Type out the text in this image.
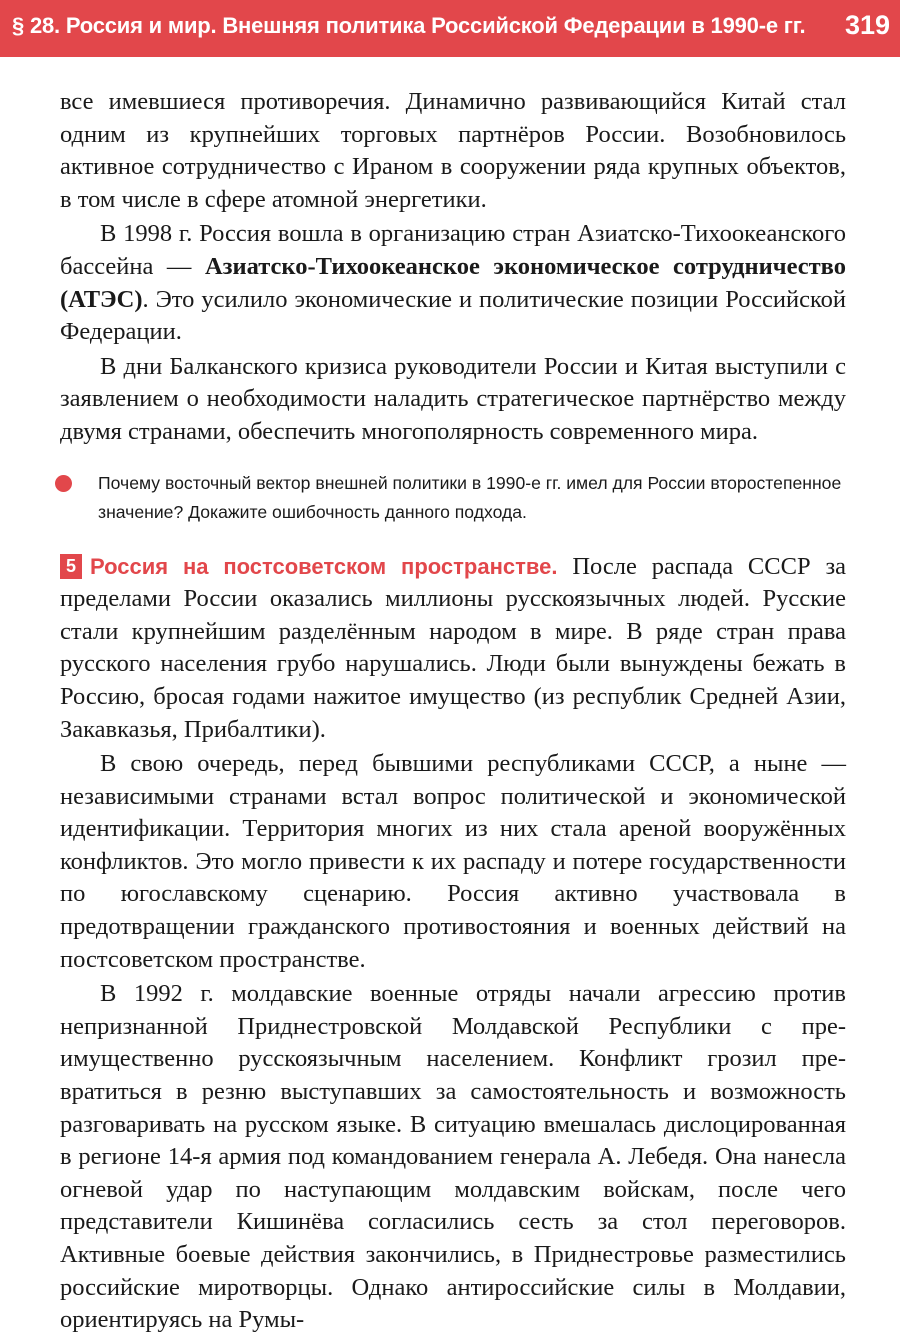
§ 28. Россия и мир. Внешняя политика Российской Федерации в 1990-е гг. 319

все имевшиеся противоречия. Динамично развивающийся Китай стал одним из крупнейших торговых партнёров России. Возобновилось активное сотрудничество с Ираном в сооружении ряда крупных объектов, в том числе в сфере атомной энергетики.

В 1998 г. Россия вошла в организацию стран Азиатско-Тихоокеанского бассейна — Азиатско-Тихоокеанское экономическое сотрудничество (АТЭС). Это усилило экономические и политические позиции Российской Федерации.

В дни Балканского кризиса руководители России и Китая выступили с заявлением о необходимости наладить стратегическое партнёрство между двумя странами, обеспечить многополярность современного мира.

Почему восточный вектор внешней политики в 1990-е гг. имел для России второстепенное значение? Докажите ошибочность данного подхода.

5 Россия на постсоветском пространстве. После распада СССР за пределами России оказались миллионы русскоязычных людей. Русские стали крупнейшим разделённым народом в мире. В ряде стран права русского населения грубо нарушались. Люди были вынуждены бежать в Россию, бросая годами нажитое имущество (из республик Средней Азии, Закавказья, Прибалтики).

В свою очередь, перед бывшими республиками СССР, а ныне — независимыми странами встал вопрос политической и экономической идентификации. Территория многих из них стала ареной вооружённых конфликтов. Это могло привести к их распаду и потере государственности по югославскому сценарию. Россия активно участвовала в предотвращении гражданского противостояния и военных действий на постсоветском пространстве.

В 1992 г. молдавские военные отряды начали агрессию против непризнанной Приднестровской Молдавской Республики с преимущественно русскоязычным населением. Конфликт грозил превратиться в резню выступавших за самостоятельность и возможность разговаривать на русском языке. В ситуацию вмешалась дислоцированная в регионе 14-я армия под командованием генерала А. Лебедя. Она нанесла огневой удар по наступающим молдавским войскам, после чего представители Кишинёва согласились сесть за стол переговоров. Активные боевые действия закончились, в Приднестровье разместились российские миротворцы. Однако антироссийские силы в Молдавии, ориентируясь на Румы-
